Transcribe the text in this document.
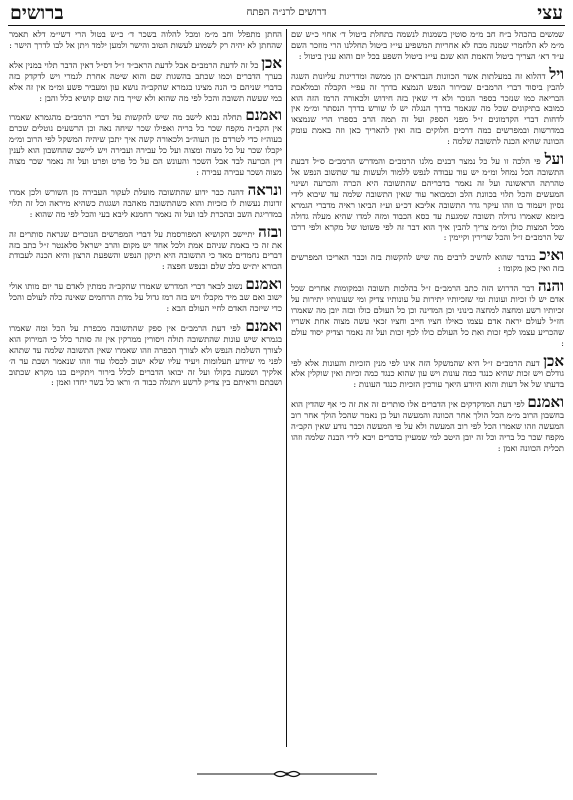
עצי
דרושים לרנ״ה הפתח
ברושים

שמשים בהכהל ב״ח חב מ״מ סוטין בשמנות לנשמה בתחלת ביטול ד׳ אחוי כ״ש שם מ״מ לא הלחמרי שמנה מכח לא אחריות המשפיע עי״ז ביטול תחללנו הרי מוזכר השם ע״ד דא׳ הצריך ביטול והאמת הוא שגם עי״ז ביטול השפע בכל יום והוא ענין ביטול :

ויל דהלוא זה במעלתות אשר הכוונות הנבראים הן ממשה ומדריגות עליונות השגה להבין ביסוד דברי הרמב״ם שבירור הנפש הנמצא בדרך זה עפ״י הקבלה ובמלאכת הבריאה כמו שנזכר בספר הנזכר ולא די שאין בזה חידוש ולכאורה הרמז הזה הוא כמובא בתיקונים שכל מה שנאמר בדרך הנגלה יש לו שורש בדרך הנסתר ומ״מ אין לדחות דברי הקדמונים ז״ל מפני הספק ועל זה תמה הרב בספרו הרי שנמצאו במדרשות ובמפרשים כמה דרכים חלוקים בזה ואין להאריך כאן וזה באמת עומק הכוונה שהיא הכנה לתשובה שלמה :

ועל פי הלכה זו על כל נמצר דבנים מלנו הרמב״ם והמדרש הרמב״ם ס״ל דבעת התשובה הכל נמחל ומ״מ יש עוד עבודה לנפש ללמוד ולעשות עד שתשוב הנפש אל טהרתה הראשונה ועל זה נאמר בדבריהם שהתשובה היא הכרה והכרעה ושינוי המעשים והכל תלוי בכוונת הלב וכמבואר עוד שאין התשובה שלמה עד שיבוא לידי נסיון ויעמוד בו וזהו עיקר גדר התשובה אליבא דכ״ע וע״ז הביאו ראיה מדברי הגמרא ביומא שאמרו גדולה תשובה שמגעת עד כסא הכבוד ומזה למדו שהיא מעלה גדולה מכל המצות כולן ומ״מ צריך להבין איך הוא דבר זה לפי פשוטו של מקרא ולפי דרכו של הרמב״ם ז״ל והכל שרירין וקיימין :

ואיכ בנדבר שהוא להשיב לרבים מה שיש להקשות בזה וכבר האריכו המפרשים בזה ואין כאן מקומו :

והנה דבר הדרוש הזה כתב הרמב״ם ז״ל בהלכות תשובה ובמקומות אחרים שכל אדם יש לו זכיות ועונות ומי שזכיותיו יתירות על עונותיו צדיק ומי שעונותיו יתירות על זכיותיו רשע ומחצה למחצה בינוני וכן המדינה וכן כל העולם כולו ובזה יובן מה שאמרו חז״ל לעולם יראה אדם עצמו כאילו חציו חייב וחציו זכאי עשה מצוה אחת אשריו שהכריע עצמו לכף זכות ואת כל העולם כולו לכף זכות ועל זה נאמר וצדיק יסוד עולם :

אכן דעת הרמב״ם ז״ל היא שהמשקל הזה אינו לפי מנין הזכיות והעונות אלא לפי גודלם ויש זכות שהיא כנגד כמה עונות ויש עון שהוא כנגד כמה זכיות ואין שוקלין אלא בדעתו של אל דעות והוא היודע היאך עורכין הזכיות כנגד העונות :

ואמנם לפי דעת המדקדקים אין הדברים אלו סותרים זה את זה כי אף שהדין הוא בחשבון הרוב מ״מ הכל הולך אחר הכוונה והמעשה ועל כן נאמר שהכל הולך אחר רוב המעשה וזהו שאמרו הכל לפי רוב המעשה ולא על פי המעשה וכבר נודע שאין הקב״ה מקפח שכר כל בריה וכל זה יובן היטב למי שמעיין בדברים ויבא לידי הבנה שלמה וזהו תכלית הכוונה ואמן :

החתן מתפלל וחב מ״מ ומכל להלוה בשכר ד׳ כ״ש בטול הרי דשי״מ דלא תאמר שהחתן לא יהיה רק לשמוע לעשות הטוב והישר ולמען ילמד ויתן אל לבו לדרך הישר :

אכן כל זה לדעת הרמב״ם אבל לדעת הראב״ד ז״ל דס״ל דאין הדבר תלוי במנין אלא בערך הדברים וכמו שכתב בהשגות שם והוא שיטה אחרת לגמרי ויש לדקדק בזה בדברי שניהם כי הנה מצינו בגמרא שהקב״ה נושא עון ומעביר פשע ומ״מ אין זה אלא במי שעשה תשובה והכל לפי מה שהוא ולא שייך בזה שום קושיא כלל והבן :

ואמנם תחלה נבוא לישב מה שיש להקשות על דברי הרמב״ם מהגמרא שאמרו אין הקב״ה מקפח שכר כל בריה ואפילו שכר שיחה נאה וכן הרשעים נוטלים שכרם בעוה״ז כדי לטרדם מן העוה״ב ולכאורה קשה איך יתכן שיהיה המשקל לפי הרוב ומ״מ יקבלו שכר על כל מצוה ומצוה ועל כל עבירה ועבירה ויש ליישב שהחשבון הוא לענין דין הכרעה לבד אבל השכר והעונש הם על כל פרט ופרט ועל זה נאמר שכר מצוה מצוה ושכר עבירה עבירה :

ונראה דהנה כבר ידוע שהתשובה מועלת לעקור העבירה מן השורש ולכן אמרו זדונות נעשות לו כזכיות והוא כשהתשובה מאהבה ושגגות כשהיא מיראה וכל זה תלוי במדריגת השב ובהכרת לבו ועל זה נאמר רחמנא ליבא בעי והכל לפי מה שהוא :

ובזה יתיישב הקושיא המפורסמת על דברי המפרשים הנזכרים שנראה סותרים זה את זה כי באמת שניהם אמת ולכל אחד יש מקום והרב ישראל סלאנטר ז״ל כתב בזה דברים נחמדים מאד כי התשובה היא תיקון הנפש והשפעת הרצון והיא הכנה לעבודת הבורא ית״ש בלב שלם ובנפש חפצה :

ואמנם נשוב לבאר דברי המדרש שאמרו שהקב״ה ממתין לאדם עד יום מותו אולי ישוב ואם שב מיד מקבלו ויש בזה רמז גדול על מדת הרחמים שאינה כלה לעולם והכל כדי שיזכה האדם לחיי העולם הבא :

ואמנם לפי דעת הרמב״ם אין ספק שהתשובה מכפרת על הכל ומה שאמרו בגמרא שיש עונות שהתשובה תולה ויסורין ממרקין אין זה סותר כלל כי המירוק הוא לצורך השלמת הנפש ולא לצורך הכפרה וזהו שאמרו שאין התשובה שלמה עד שתהא לפני מי שיודע תעלומות ויעיד עליו שלא ישוב לכסלו עוד וזהו שנאמר ושבת עד ה׳ אלקיך ושמעת בקולו ועל זה יבואו הדברים לכלל בירור ויתקיים בנו מקרא שכתוב ושבתם וראיתם בין צדיק לרשע ויתגלה כבוד ה׳ וראו כל בשר יחדו ואמן :
